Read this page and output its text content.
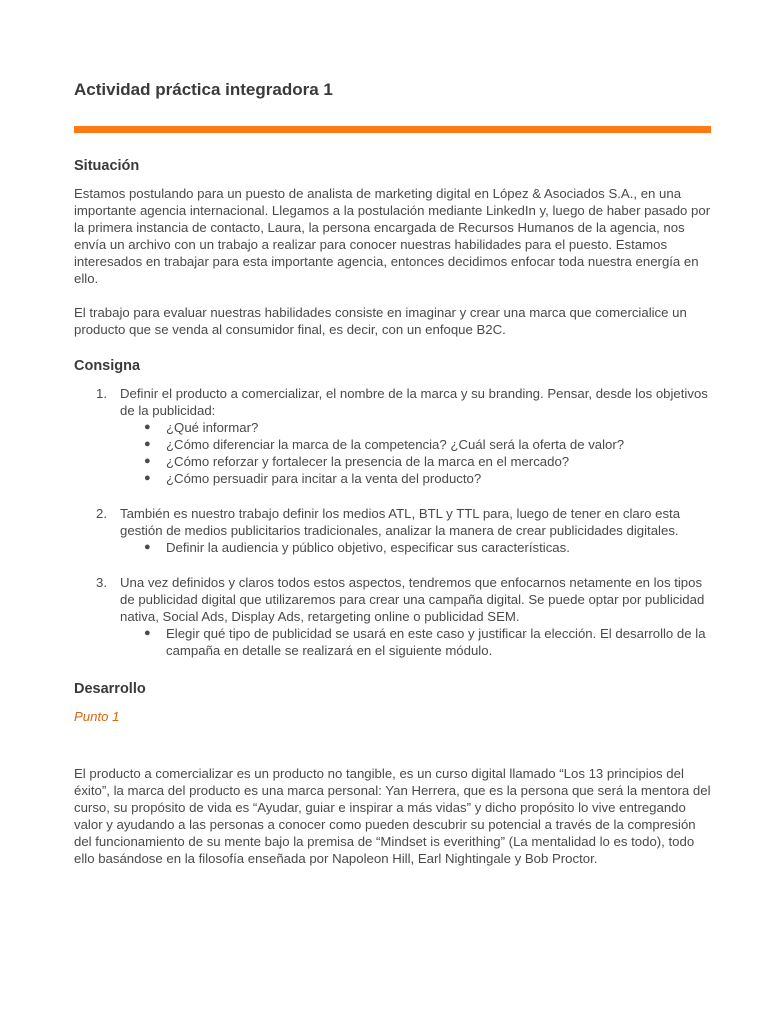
Actividad práctica integradora 1
Situación

Estamos postulando para un puesto de analista de marketing digital en López & Asociados S.A., en una importante agencia internacional. Llegamos a la postulación mediante LinkedIn y, luego de haber pasado por la primera instancia de contacto, Laura, la persona encargada de Recursos Humanos de la agencia, nos envía un archivo con un trabajo a realizar para conocer nuestras habilidades para el puesto. Estamos interesados en trabajar para esta importante agencia, entonces decidimos enfocar toda nuestra energía en ello.

El trabajo para evaluar nuestras habilidades consiste en imaginar y crear una marca que comercialice un producto que se venda al consumidor final, es decir, con un enfoque B2C.

Consigna
1. Definir el producto a comercializar, el nombre de la marca y su branding. Pensar, desde los objetivos de la publicidad:
● ¿Qué informar?
● ¿Cómo diferenciar la marca de la competencia? ¿Cuál será la oferta de valor?
● ¿Cómo reforzar y fortalecer la presencia de la marca en el mercado?
● ¿Cómo persuadir para incitar a la venta del producto?
2. También es nuestro trabajo definir los medios ATL, BTL y TTL para, luego de tener en claro esta gestión de medios publicitarios tradicionales, analizar la manera de crear publicidades digitales.
● Definir la audiencia y público objetivo, especificar sus características.
3. Una vez definidos y claros todos estos aspectos, tendremos que enfocarnos netamente en los tipos de publicidad digital que utilizaremos para crear una campaña digital. Se puede optar por publicidad nativa, Social Ads, Display Ads, retargeting online o publicidad SEM.
● Elegir qué tipo de publicidad se usará en este caso y justificar la elección. El desarrollo de la campaña en detalle se realizará en el siguiente módulo.
Desarrollo

Punto 1

El producto a comercializar es un producto no tangible, es un curso digital llamado “Los 13 principios del éxito”, la marca del producto es una marca personal: Yan Herrera, que es la persona que será la mentora del curso, su propósito de vida es “Ayudar, guiar e inspirar a más vidas” y dicho propósito lo vive entregando valor y ayudando a las personas a conocer como pueden descubrir su potencial a través de la compresión del funcionamiento de su mente bajo la premisa de “Mindset is everithing” (La mentalidad lo es todo), todo ello basándose en la filosofía enseñada por Napoleon Hill, Earl Nightingale y Bob Proctor.
